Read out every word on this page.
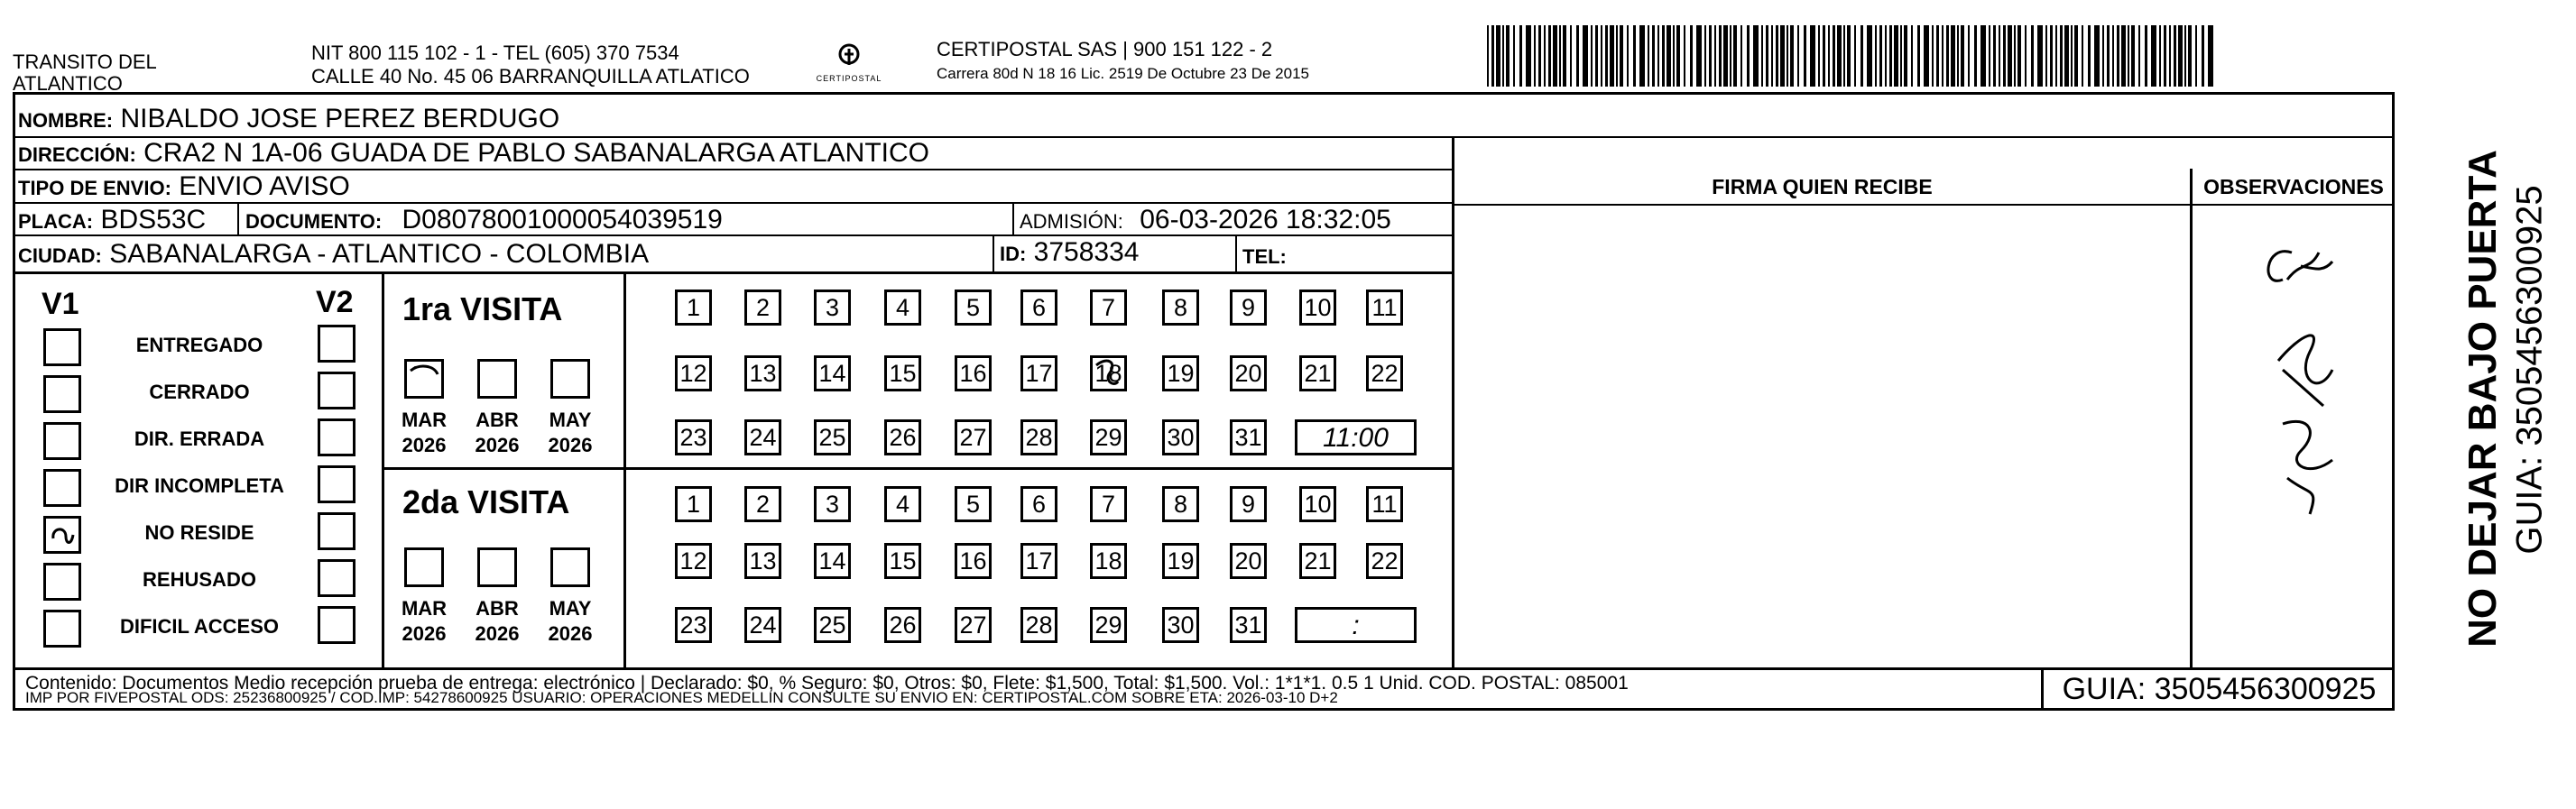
TRANSITO DEL
ATLANTICO
NIT 800 115 102 - 1 - TEL (605) 370 7534
CALLE 40 No. 45 06 BARRANQUILLA ATLATICO	CERTIPOSTAL
CERTIPOSTAL SAS | 900 151 122 - 2
Carrera 80d N 18 16 Lic. 2519 De Octubre 23 De 2015
NOMBRE: NIBALDO JOSE PEREZ BERDUGO
DIRECCIÓN: CRA2 N 1A-06 GUADA DE PABLO SABANALARGA ATLANTICO
TIPO DE ENVIO: ENVIO AVISO
PLACA: BDS53C DOCUMENTO: D08078001000054039519	ADMISIÓN: 06-03-2026 18:32:05
CIUDAD: SABANALARGA - ATLANTICO - COLOMBIA	ID: 3758334	TEL:
FIRMA QUIEN RECIBE	OBSERVACIONES NO DEJAR BAJO PUERTA GUIA: 3505456300925
V1	V2
ENTREGADO
CERRADO
DIR. ERRADA
DIR INCOMPLETA
NO RESIDE
REHUSADO
DIFICIL ACCESO
1ra VISITA
MAR
2026
ABR
2026
MAY
2026
1	2	3	4	5	6	7	8	9	10 11
12 13 14 15 16 17 18 19 20 21 22
23 24 25 26 27 28 29 30 31	11:00
2da VISITA
MAR
2026
ABR
2026
MAY
2026
1	2	3	4	5	6	7	8	9	10 11
12 13 14 15 16 17 18 19 20 21 22
23 24 25 26 27 28 29 30 31	:
Contenido: Documentos Medio recepción prueba de entrega: electrónico | Declarado: $0, % Seguro: $0, Otros: $0, Flete: $1,500, Total: $1,500. Vol.: 1*1*1. 0.5 1 Unid. COD. POSTAL: 085001
IMP POR FIVEPOSTAL ODS: 25236800925 / COD.IMP: 54278600925 USUARIO: OPERACIONES MEDELLIN CONSULTE SU ENVIO EN: CERTIPOSTAL.COM SOBRE ETA: 2026-03-10 D+2	GUIA: 3505456300925
